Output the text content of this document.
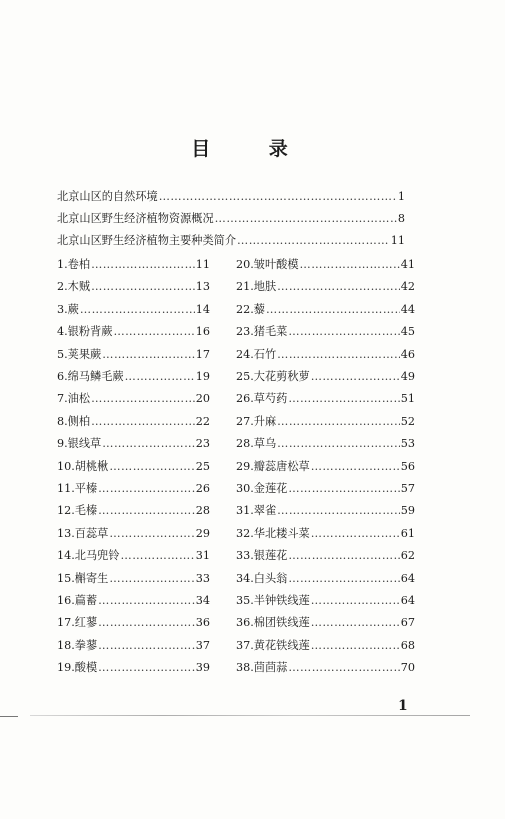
目 录
北京山区的自然环境 ……………………………………………………………………………………………………………………………………………………	1
北京山区野生经济植物资源概况 ……………………………………………………………………………………………………………………………………………………	8
北京山区野生经济植物主要种类简介 ……………………………………………………………………………………………………………………………………………………	11
1.卷柏 ……………………………………………………………………………………………………………………………………………………	11
2.木贼 ……………………………………………………………………………………………………………………………………………………	13
3.蕨 ……………………………………………………………………………………………………………………………………………………	14
4.银粉背蕨 ……………………………………………………………………………………………………………………………………………………	16
5.荚果蕨 ……………………………………………………………………………………………………………………………………………………	17
6.绵马鳞毛蕨 ……………………………………………………………………………………………………………………………………………………	19
7.油松 ……………………………………………………………………………………………………………………………………………………	20
8.侧柏 ……………………………………………………………………………………………………………………………………………………	22
9.银线草 ……………………………………………………………………………………………………………………………………………………	23
10.胡桃楸 ……………………………………………………………………………………………………………………………………………………	25
11.平榛 ……………………………………………………………………………………………………………………………………………………	26
12.毛榛 ……………………………………………………………………………………………………………………………………………………	28
13.百蕊草 ……………………………………………………………………………………………………………………………………………………	29
14.北马兜铃 ……………………………………………………………………………………………………………………………………………………	31
15.槲寄生 ……………………………………………………………………………………………………………………………………………………	33
16.萹蓄 ……………………………………………………………………………………………………………………………………………………	34
17.红蓼 ……………………………………………………………………………………………………………………………………………………	36
18.拳蓼 ……………………………………………………………………………………………………………………………………………………	37
19.酸模 ……………………………………………………………………………………………………………………………………………………	39
20.皱叶酸模 ……………………………………………………………………………………………………………………………………………………	41
21.地肤 ……………………………………………………………………………………………………………………………………………………	42
22.藜 ……………………………………………………………………………………………………………………………………………………	44
23.猪毛菜 ……………………………………………………………………………………………………………………………………………………	45
24.石竹 ……………………………………………………………………………………………………………………………………………………	46
25.大花剪秋萝 ……………………………………………………………………………………………………………………………………………………	49
26.草芍药 ……………………………………………………………………………………………………………………………………………………	51
27.升麻 ……………………………………………………………………………………………………………………………………………………	52
28.草乌 ……………………………………………………………………………………………………………………………………………………	53
29.瓣蕊唐松草 ……………………………………………………………………………………………………………………………………………………	56
30.金莲花 ……………………………………………………………………………………………………………………………………………………	57
31.翠雀 ……………………………………………………………………………………………………………………………………………………	59
32.华北耧斗菜 ……………………………………………………………………………………………………………………………………………………	61
33.银莲花 ……………………………………………………………………………………………………………………………………………………	62
34.白头翁 ……………………………………………………………………………………………………………………………………………………	64
35.半钟铁线莲 ……………………………………………………………………………………………………………………………………………………	64
36.棉团铁线莲 ……………………………………………………………………………………………………………………………………………………	67
37.黄花铁线莲 ……………………………………………………………………………………………………………………………………………………	68
38.茴茴蒜 ……………………………………………………………………………………………………………………………………………………	70
1
